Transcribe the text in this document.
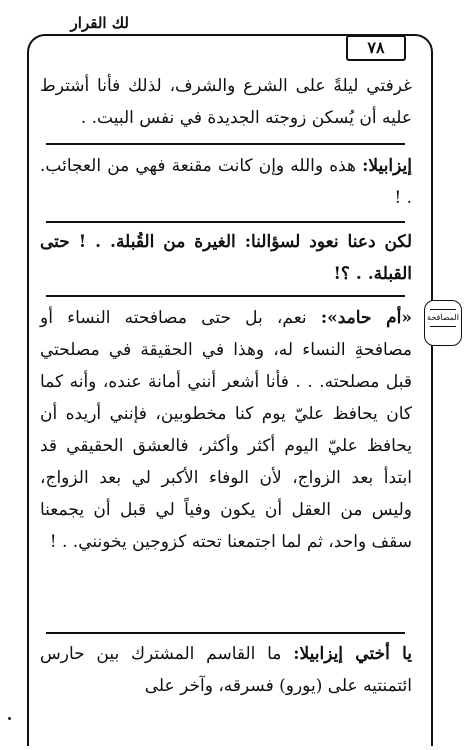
لك القرار
٧٨
المصافحة

غرفتي ليلةً على الشرع والشرف، لذلك فأنا أشترط عليه أن يُسكن زوجته الجديدة في نفس البيت. .

إيزابيلا: هذه والله وإن كانت مقنعة فهي من العجائب. . !

لكن دعنا نعود لسؤالنا: الغيرة من القُبلة. . ! حتى القبلة. . ؟!

«أم حامد»: نعم، بل حتى مصافحته النساء أو مصافحةِ النساء له، وهذا في الحقيقة في مصلحتي قبل مصلحته. . . فأنا أشعر أنني أمانة عنده، وأنه كما كان يحافظ عليّ يوم كنا مخطوبين، فإنني أريده أن يحافظ عليّ اليوم أكثر وأكثر، فالعشق الحقيقي قد ابتدأ بعد الزواج، لأن الوفاء الأكبر لي بعد الزواج، وليس من العقل أن يكون وفياً لي قبل أن يجمعنا سقف واحد، ثم لما اجتمعنا تحته كزوجين يخونني. . !

يا أختي إيزابيلا: ما القاسم المشترك بين حارس ائتمنتيه على (يورو) فسرقه، وآخر على
